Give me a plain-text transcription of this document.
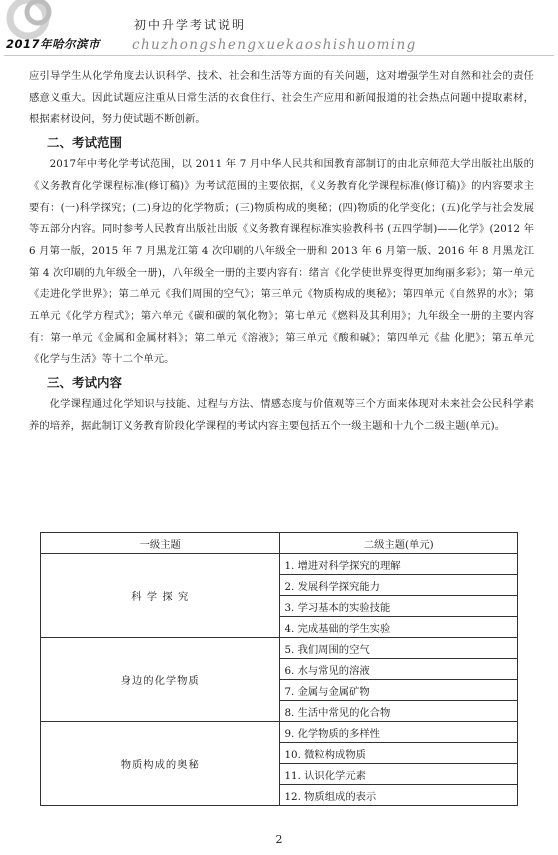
2017年哈尔滨市
初中升学考试说明
chuzhongshengxuekaoshishuoming

应引导学生从化学角度去认识科学、技术、社会和生活等方面的有关问题，这对增强学生对自然和社会的责任感意义重大。因此试题应注重从日常生活的衣食住行、社会生产应用和新闻报道的社会热点问题中提取素材，根据素材设问，努力使试题不断创新。

二、考试范围

2017年中考化学考试范围，以 2011 年 7 月中华人民共和国教育部制订的由北京师范大学出版社出版的《义务教育化学课程标准(修订稿)》为考试范围的主要依据，《义务教育化学课程标准(修订稿)》的内容要求主要有：(一)科学探究；(二)身边的化学物质；(三)物质构成的奥秘；(四)物质的化学变化；(五)化学与社会发展等五部分内容。同时参考人民教育出版社出版《义务教育课程标准实验教科书 (五四学制)——化学》(2012 年 6 月第一版，2015 年 7 月黑龙江第 4 次印刷的八年级全一册和 2013 年 6 月第一版、2016 年 8 月黑龙江第 4 次印刷的九年级全一册)，八年级全一册的主要内容有：绪言《化学使世界变得更加绚丽多彩》；第一单元《走进化学世界》；第二单元《我们周围的空气》；第三单元《物质构成的奥秘》；第四单元《自然界的水》；第五单元《化学方程式》；第六单元《碳和碳的氧化物》；第七单元《燃料及其利用》；九年级全一册的主要内容有：第一单元《金属和金属材料》；第二单元《溶液》；第三单元《酸和碱》；第四单元《盐 化肥》；第五单元《化学与生活》等十二个单元。

三、考试内容

化学课程通过化学知识与技能、过程与方法、情感态度与价值观等三个方面来体现对未来社会公民科学素养的培养，据此制订义务教育阶段化学课程的考试内容主要包括五个一级主题和十九个二级主题(单元)。

一级主题	二级主题(单元)
科 学 探 究	1. 增进对科学探究的理解
	2. 发展科学探究能力
	3. 学习基本的实验技能
	4. 完成基础的学生实验
身边的化学物质	5. 我们周围的空气
	6. 水与常见的溶液
	7. 金属与金属矿物
	8. 生活中常见的化合物
物质构成的奥秘	9. 化学物质的多样性
	10. 微粒构成物质
	11. 认识化学元素
	12. 物质组成的表示
2
